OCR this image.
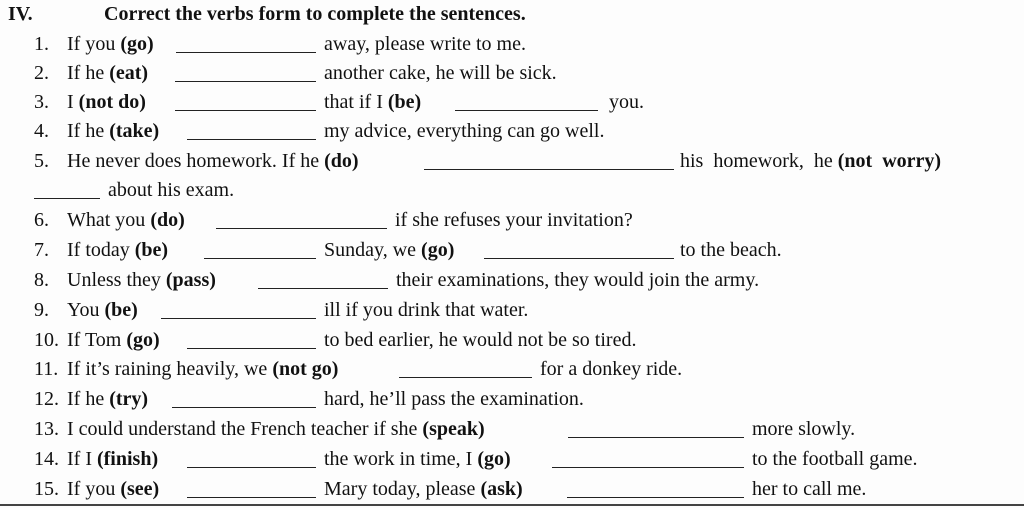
IV.	Correct the verbs form to complete the sentences.
1. If you (go)	away, please write to me.
2. If he (eat)	another cake, he will be sick.
3. I (not do)	that if I (be)	you.
4. If he (take)	my advice, everything can go well.
5. He never does homework. If he (do)	his  homework,  he (not  worry)
about his exam.
6. What you (do)	if she refuses your invitation?
7. If today (be)	Sunday, we (go)	to the beach.
8. Unless they (pass)	their examinations, they would join the army.
9. You (be)	ill if you drink that water.
10. If Tom (go)	to bed earlier, he would not be so tired.
11. If it’s raining heavily, we (not go)	for a donkey ride.
12. If he (try)	hard, he’ll pass the examination.
13. I could understand the French teacher if she (speak)	more slowly.
14. If I (finish)	the work in time, I (go)	to the football game.
15. If you (see)	Mary today, please (ask)	her to call me.
